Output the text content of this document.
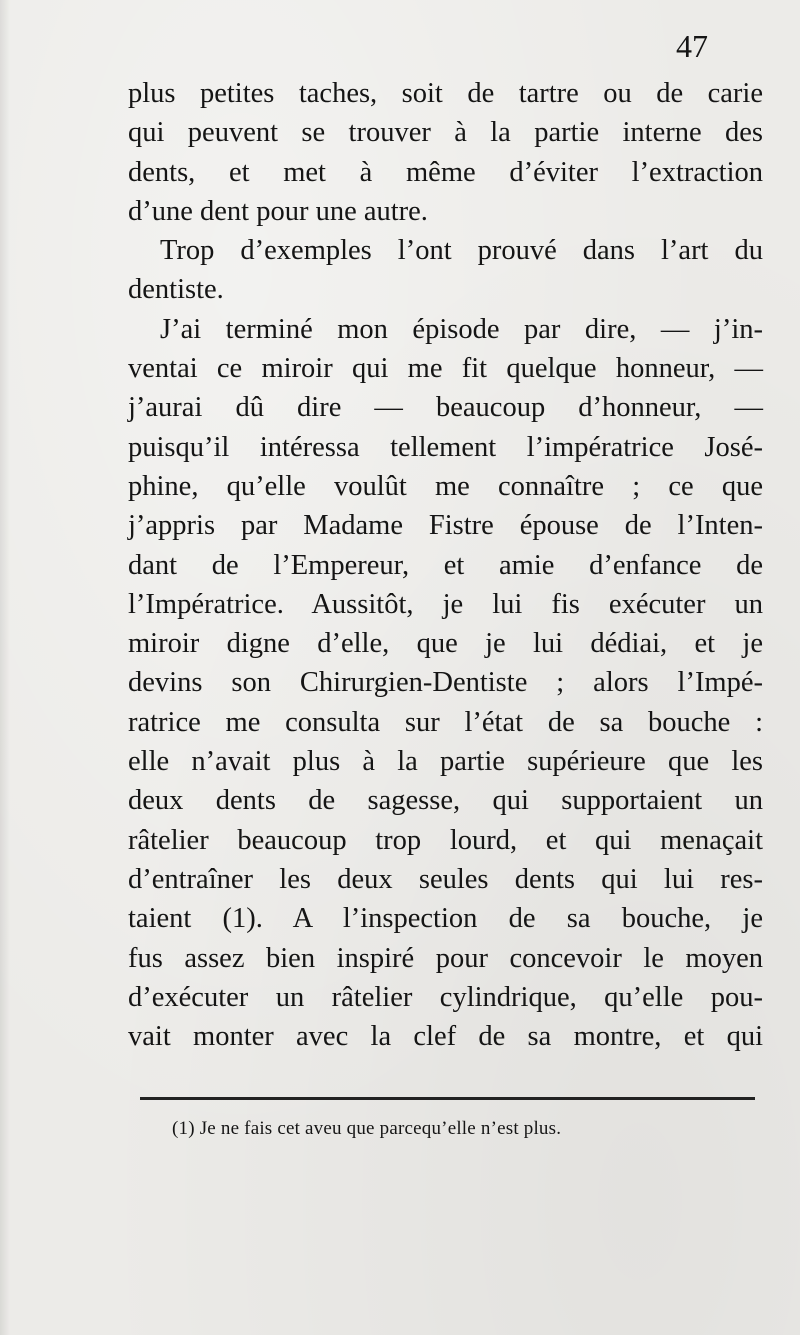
47
plus petites taches, soit de tartre ou de carie
qui peuvent se trouver à la partie interne des
dents, et met à même d’éviter l’extraction
d’une dent pour une autre.
Trop d’exemples l’ont prouvé dans l’art du
dentiste.
J’ai terminé mon épisode par dire, — j’in-
ventai ce miroir qui me fit quelque honneur, —
j’aurai dû dire — beaucoup d’honneur, —
puisqu’il intéressa tellement l’impératrice José-
phine, qu’elle voulût me connaître ; ce que
j’appris par Madame Fistre épouse de l’Inten-
dant de l’Empereur, et amie d’enfance de
l’Impératrice. Aussitôt, je lui fis exécuter un
miroir digne d’elle, que je lui dédiai, et je
devins son Chirurgien-Dentiste ; alors l’Impé-
ratrice me consulta sur l’état de sa bouche :
elle n’avait plus à la partie supérieure que les
deux dents de sagesse, qui supportaient un
râtelier beaucoup trop lourd, et qui menaçait
d’entraîner les deux seules dents qui lui res-
taient (1). A l’inspection de sa bouche, je
fus assez bien inspiré pour concevoir le moyen
d’exécuter un râtelier cylindrique, qu’elle pou-
vait monter avec la clef de sa montre, et qui
(1) Je ne fais cet aveu que parcequ’elle n’est plus.
